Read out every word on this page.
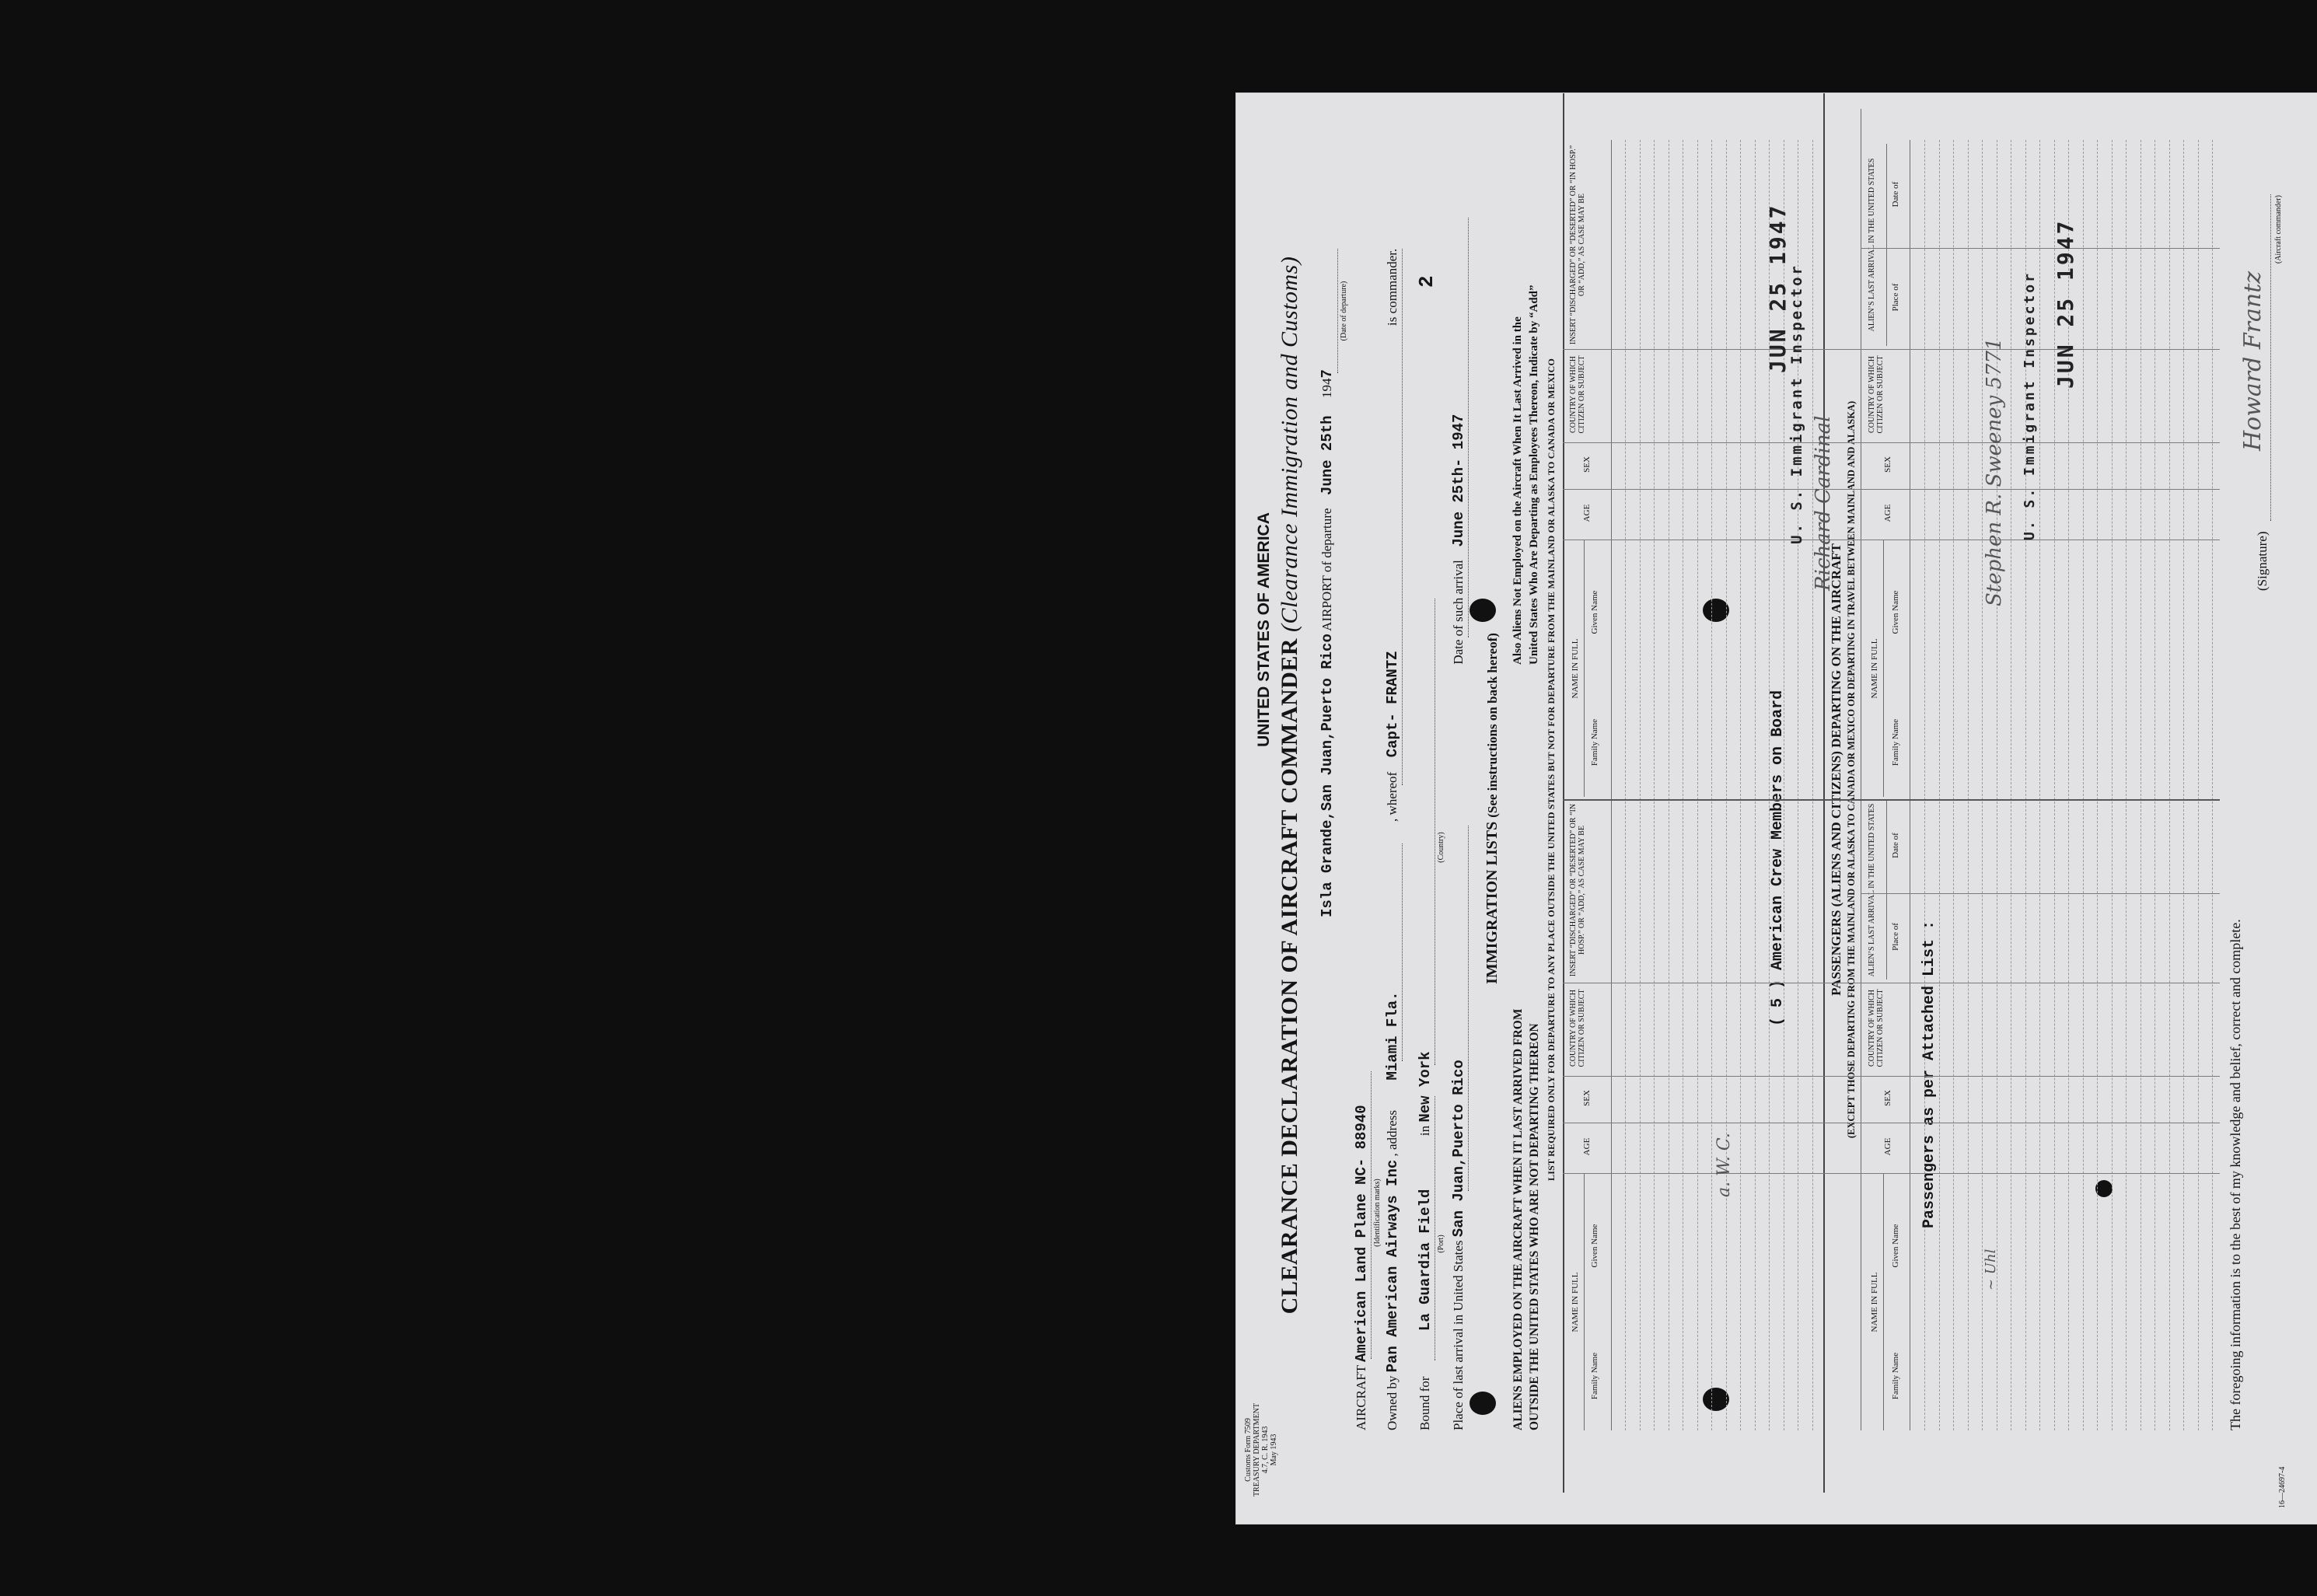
Customs Form 7509 TREASURY DEPARTMENT 4.7, C. R. 1943 May 1943
UNITED STATES OF AMERICA
CLEARANCE DECLARATION OF AIRCRAFT COMMANDER (Clearance Immigration and Customs)
Isla Grande,San Juan,Puerto Rico AIRPORT of departure  June 25th  1947
(Date of departure)
AIRCRAFT American Land Plane NC- 88940 (Identification marks)
Owned by Pan American Airways Inc , address  Miami Fla.  , whereof  Capt- FRANTZ  is commander.
Bound for  La Guardia Field  in New York
(Port)
(Country)
2
Place of last arrival in United States San Juan,Puerto Rico  Date of such arrival  June 25th- 1947
IMMIGRATION LISTS (See instructions on back hereof)
ALIENS EMPLOYED ON THE AIRCRAFT WHEN IT LAST ARRIVED FROM OUTSIDE THE UNITED STATES WHO ARE NOT DEPARTING THEREON
Also Aliens Not Employed on the Aircraft When It Last Arrived in the United States Who Are Departing as Employees Thereon, Indicate by “Add” LIST REQUIRED ONLY FOR DEPARTURE TO ANY PLACE OUTSIDE THE UNITED STATES BUT NOT FOR DEPARTURE FROM THE MAINLAND OR ALASKA TO CANADA OR MEXICO
NAME IN FULL
Family Name
Given Name
AGE
SEX
COUNTRY OF WHICH CITIZEN OR SUBJECT
INSERT “DISCHARGED” OR “DESERTED” OR “IN HOSP.” OR “ADD,” AS CASE MAY BE
NAME IN FULL
Family Name
Given Name
AGE
SEX
COUNTRY OF WHICH CITIZEN OR SUBJECT
INSERT “DISCHARGED” OR “DESERTED” OR “IN HOSP.” OR “ADD,” AS CASE MAY BE
( 5 ) American Crew Members on Board	PASSENGERS (ALIENS AND CITIZENS) DEPARTING ON THE AIRCRAFT (EXCEPT THOSE DEPARTING FROM THE MAINLAND OR ALASKA TO CANADA OR MEXICO OR DEPARTING IN TRAVEL BETWEEN MAINLAND AND ALASKA)
NAME IN FULL
Family Name
Given Name
AGE
SEX
COUNTRY OF WHICH CITIZEN OR SUBJECT
ALIEN’S LAST ARRIVAL IN THE UNITED STATES Place of
Date of
NAME IN FULL
Family Name
Given Name
AGE
SEX
COUNTRY OF WHICH CITIZEN OR SUBJECT
ALIEN’S LAST ARRIVAL IN THE UNITED STATES Place of
Date of
Passengers as per Attached List :
a. W. C.
~ Uhl
U. S. Immigrant Inspector	U. S. Immigrant Inspector
JUN 25 1947	JUN 25 1947
Richard Cardinal	Stephen R. Sweeney 5771
The foregoing information is to the best of my knowledge and belief, correct and complete.
(Signature)
Howard Frantz
(Aircraft commander)
16—24697-4
